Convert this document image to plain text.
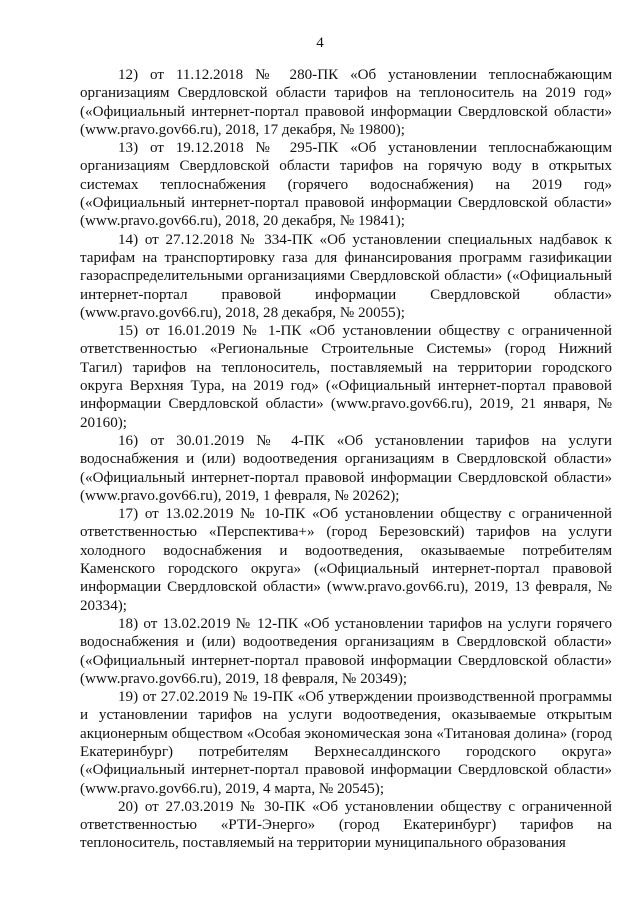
4

12) от 11.12.2018 № 280-ПК «Об установлении теплоснабжающим организациям Свердловской области тарифов на теплоноситель на 2019 год» («Официальный интернет-портал правовой информации Свердловской области» (www.pravo.gov66.ru), 2018, 17 декабря, № 19800);

13) от 19.12.2018 № 295-ПК «Об установлении теплоснабжающим организациям Свердловской области тарифов на горячую воду в открытых системах теплоснабжения (горячего водоснабжения) на 2019 год» («Официальный интернет-портал правовой информации Свердловской области» (www.pravo.gov66.ru), 2018, 20 декабря, № 19841);

14) от 27.12.2018 № 334-ПК «Об установлении специальных надбавок к тарифам на транспортировку газа для финансирования программ газификации газораспределительными организациями Свердловской области» («Официальный интернет-портал правовой информации Свердловской области» (www.pravo.gov66.ru), 2018, 28 декабря, № 20055);

15) от 16.01.2019 № 1-ПК «Об установлении обществу с ограниченной ответственностью «Региональные Строительные Системы» (город Нижний Тагил) тарифов на теплоноситель, поставляемый на территории городского округа Верхняя Тура, на 2019 год» («Официальный интернет-портал правовой информации Свердловской области» (www.pravo.gov66.ru), 2019, 21 января, № 20160);

16) от 30.01.2019 № 4-ПК «Об установлении тарифов на услуги водоснабжения и (или) водоотведения организациям в Свердловской области» («Официальный интернет-портал правовой информации Свердловской области» (www.pravo.gov66.ru), 2019, 1 февраля, № 20262);

17) от 13.02.2019 № 10-ПК «Об установлении обществу с ограниченной ответственностью «Перспектива+» (город Березовский) тарифов на услуги холодного водоснабжения и водоотведения, оказываемые потребителям Каменского городского округа» («Официальный интернет-портал правовой информации Свердловской области» (www.pravo.gov66.ru), 2019, 13 февраля, № 20334);

18) от 13.02.2019 № 12-ПК «Об установлении тарифов на услуги горячего водоснабжения и (или) водоотведения организациям в Свердловской области» («Официальный интернет-портал правовой информации Свердловской области» (www.pravo.gov66.ru), 2019, 18 февраля, № 20349);

19) от 27.02.2019 № 19-ПК «Об утверждении производственной программы и установлении тарифов на услуги водоотведения, оказываемые открытым акционерным обществом «Особая экономическая зона «Титановая долина» (город Екатеринбург) потребителям Верхнесалдинского городского округа» («Официальный интернет-портал правовой информации Свердловской области» (www.pravo.gov66.ru), 2019, 4 марта, № 20545);

20) от 27.03.2019 № 30-ПК «Об установлении обществу с ограниченной ответственностью «РТИ-Энерго» (город Екатеринбург) тарифов на теплоноситель, поставляемый на территории муниципального образования
